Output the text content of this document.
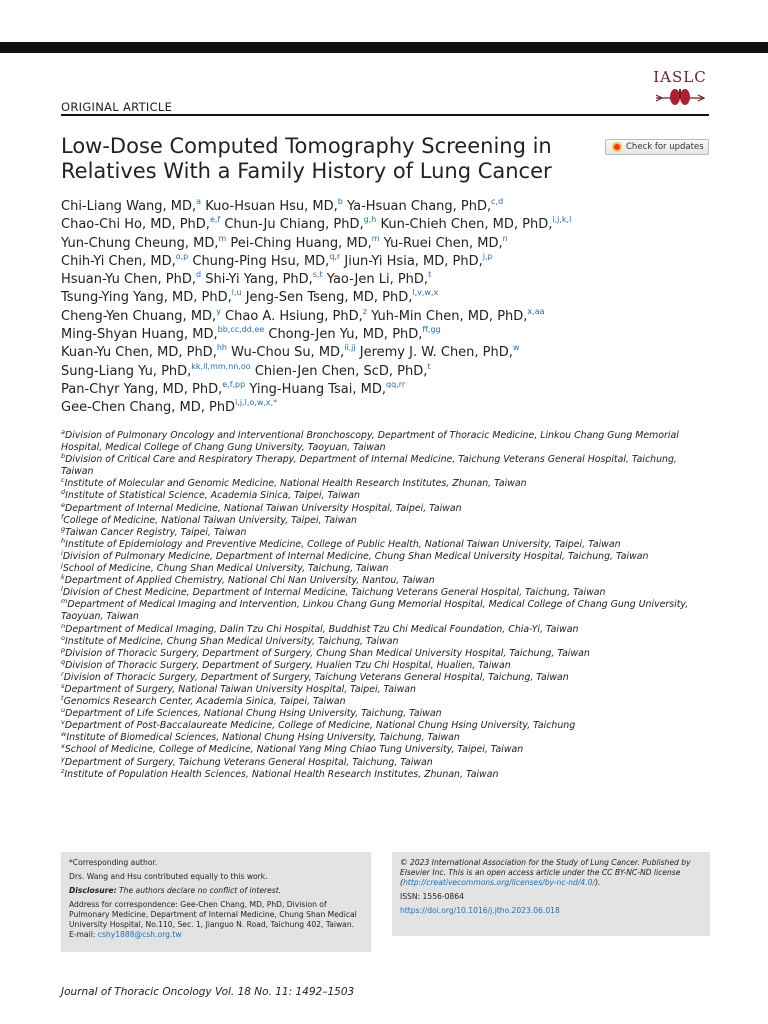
ORIGINAL ARTICLE
IASLC
Low-Dose Computed Tomography Screening in
Relatives With a Family History of Lung Cancer
Check for updates
Chi-Liang Wang, MD,$^a$ Kuo-Hsuan Hsu, MD,$^b$ Ya-Hsuan Chang, PhD,$^{c,d}$
Chao-Chi Ho, MD, PhD,$^{e,f}$ Chun-Ju Chiang, PhD,$^{g,h}$ Kun-Chieh Chen, MD, PhD,$^{i,j,k,l}$
Yun-Chung Cheung, MD,$^m$ Pei-Ching Huang, MD,$^m$ Yu-Ruei Chen, MD,$^n$
Chih-Yi Chen, MD,$^{o,p}$ Chung-Ping Hsu, MD,$^{q,r}$ Jiun-Yi Hsia, MD, PhD,$^{j,p}$
Hsuan-Yu Chen, PhD,$^d$ Shi-Yi Yang, PhD,$^{s,t}$ Yao-Jen Li, PhD,$^t$
Tsung-Ying Yang, MD, PhD,$^{l,u}$ Jeng-Sen Tseng, MD, PhD,$^{l,v,w,x}$
Cheng-Yen Chuang, MD,$^y$ Chao A. Hsiung, PhD,$^z$ Yuh-Min Chen, MD, PhD,$^{x,aa}$
Ming-Shyan Huang, MD,$^{bb,cc,dd,ee}$ Chong-Jen Yu, MD, PhD,$^{ff,gg}$
Kuan-Yu Chen, MD, PhD,$^{hh}$ Wu-Chou Su, MD,$^{ii,jj}$ Jeremy J. W. Chen, PhD,$^w$
Sung-Liang Yu, PhD,$^{kk,ll,mm,nn,oo}$ Chien-Jen Chen, ScD, PhD,$^t$
Pan-Chyr Yang, MD, PhD,$^{e,f,pp}$ Ying-Huang Tsai, MD,$^{qq,rr}$
Gee-Chen Chang, MD, PhD$^{i,j,l,o,w,x,*}$
$^a$Division of Pulmonary Oncology and Interventional Bronchoscopy, Department of Thoracic Medicine, Linkou Chang Gung Memorial Hospital, Medical College of Chang Gung University, Taoyuan, Taiwan
$^b$Division of Critical Care and Respiratory Therapy, Department of Internal Medicine, Taichung Veterans General Hospital, Taichung, Taiwan
$^c$Institute of Molecular and Genomic Medicine, National Health Research Institutes, Zhunan, Taiwan
$^d$Institute of Statistical Science, Academia Sinica, Taipei, Taiwan
$^e$Department of Internal Medicine, National Taiwan University Hospital, Taipei, Taiwan
$^f$College of Medicine, National Taiwan University, Taipei, Taiwan
$^g$Taiwan Cancer Registry, Taipei, Taiwan
$^h$Institute of Epidemiology and Preventive Medicine, College of Public Health, National Taiwan University, Taipei, Taiwan
$^i$Division of Pulmonary Medicine, Department of Internal Medicine, Chung Shan Medical University Hospital, Taichung, Taiwan
$^j$School of Medicine, Chung Shan Medical University, Taichung, Taiwan
$^k$Department of Applied Chemistry, National Chi Nan University, Nantou, Taiwan
$^l$Division of Chest Medicine, Department of Internal Medicine, Taichung Veterans General Hospital, Taichung, Taiwan
$^m$Department of Medical Imaging and Intervention, Linkou Chang Gung Memorial Hospital, Medical College of Chang Gung University, Taoyuan, Taiwan
$^n$Department of Medical Imaging, Dalin Tzu Chi Hospital, Buddhist Tzu Chi Medical Foundation, Chia-Yi, Taiwan
$^o$Institute of Medicine, Chung Shan Medical University, Taichung, Taiwan
$^p$Division of Thoracic Surgery, Department of Surgery, Chung Shan Medical University Hospital, Taichung, Taiwan
$^q$Division of Thoracic Surgery, Department of Surgery, Hualien Tzu Chi Hospital, Hualien, Taiwan
$^r$Division of Thoracic Surgery, Department of Surgery, Taichung Veterans General Hospital, Taichung, Taiwan
$^s$Department of Surgery, National Taiwan University Hospital, Taipei, Taiwan
$^t$Genomics Research Center, Academia Sinica, Taipei, Taiwan
$^u$Department of Life Sciences, National Chung Hsing University, Taichung, Taiwan
$^v$Department of Post-Baccalaureate Medicine, College of Medicine, National Chung Hsing University, Taichung
$^w$Institute of Biomedical Sciences, National Chung Hsing University, Taichung, Taiwan
$^x$School of Medicine, College of Medicine, National Yang Ming Chiao Tung University, Taipei, Taiwan
$^y$Department of Surgery, Taichung Veterans General Hospital, Taichung, Taiwan
$^z$Institute of Population Health Sciences, National Health Research Institutes, Zhunan, Taiwan

*Corresponding author.

Drs. Wang and Hsu contributed equally to this work.

Disclosure: The authors declare no conflict of interest.

Address for correspondence: Gee-Chen Chang, MD, PhD, Division of Pulmonary Medicine, Department of Internal Medicine, Chung Shan Medical University Hospital, No.110, Sec. 1, Jianguo N. Road, Taichung 402, Taiwan. E-mail: cshy1888@csh.org.tw

© 2023 International Association for the Study of Lung Cancer. Published by Elsevier Inc. This is an open access article under the CC BY-NC-ND license (http://creativecommons.org/licenses/by-nc-nd/4.0/).

ISSN: 1556-0864

https://doi.org/10.1016/j.jtho.2023.06.018

Journal of Thoracic Oncology Vol. 18 No. 11: 1492–1503
